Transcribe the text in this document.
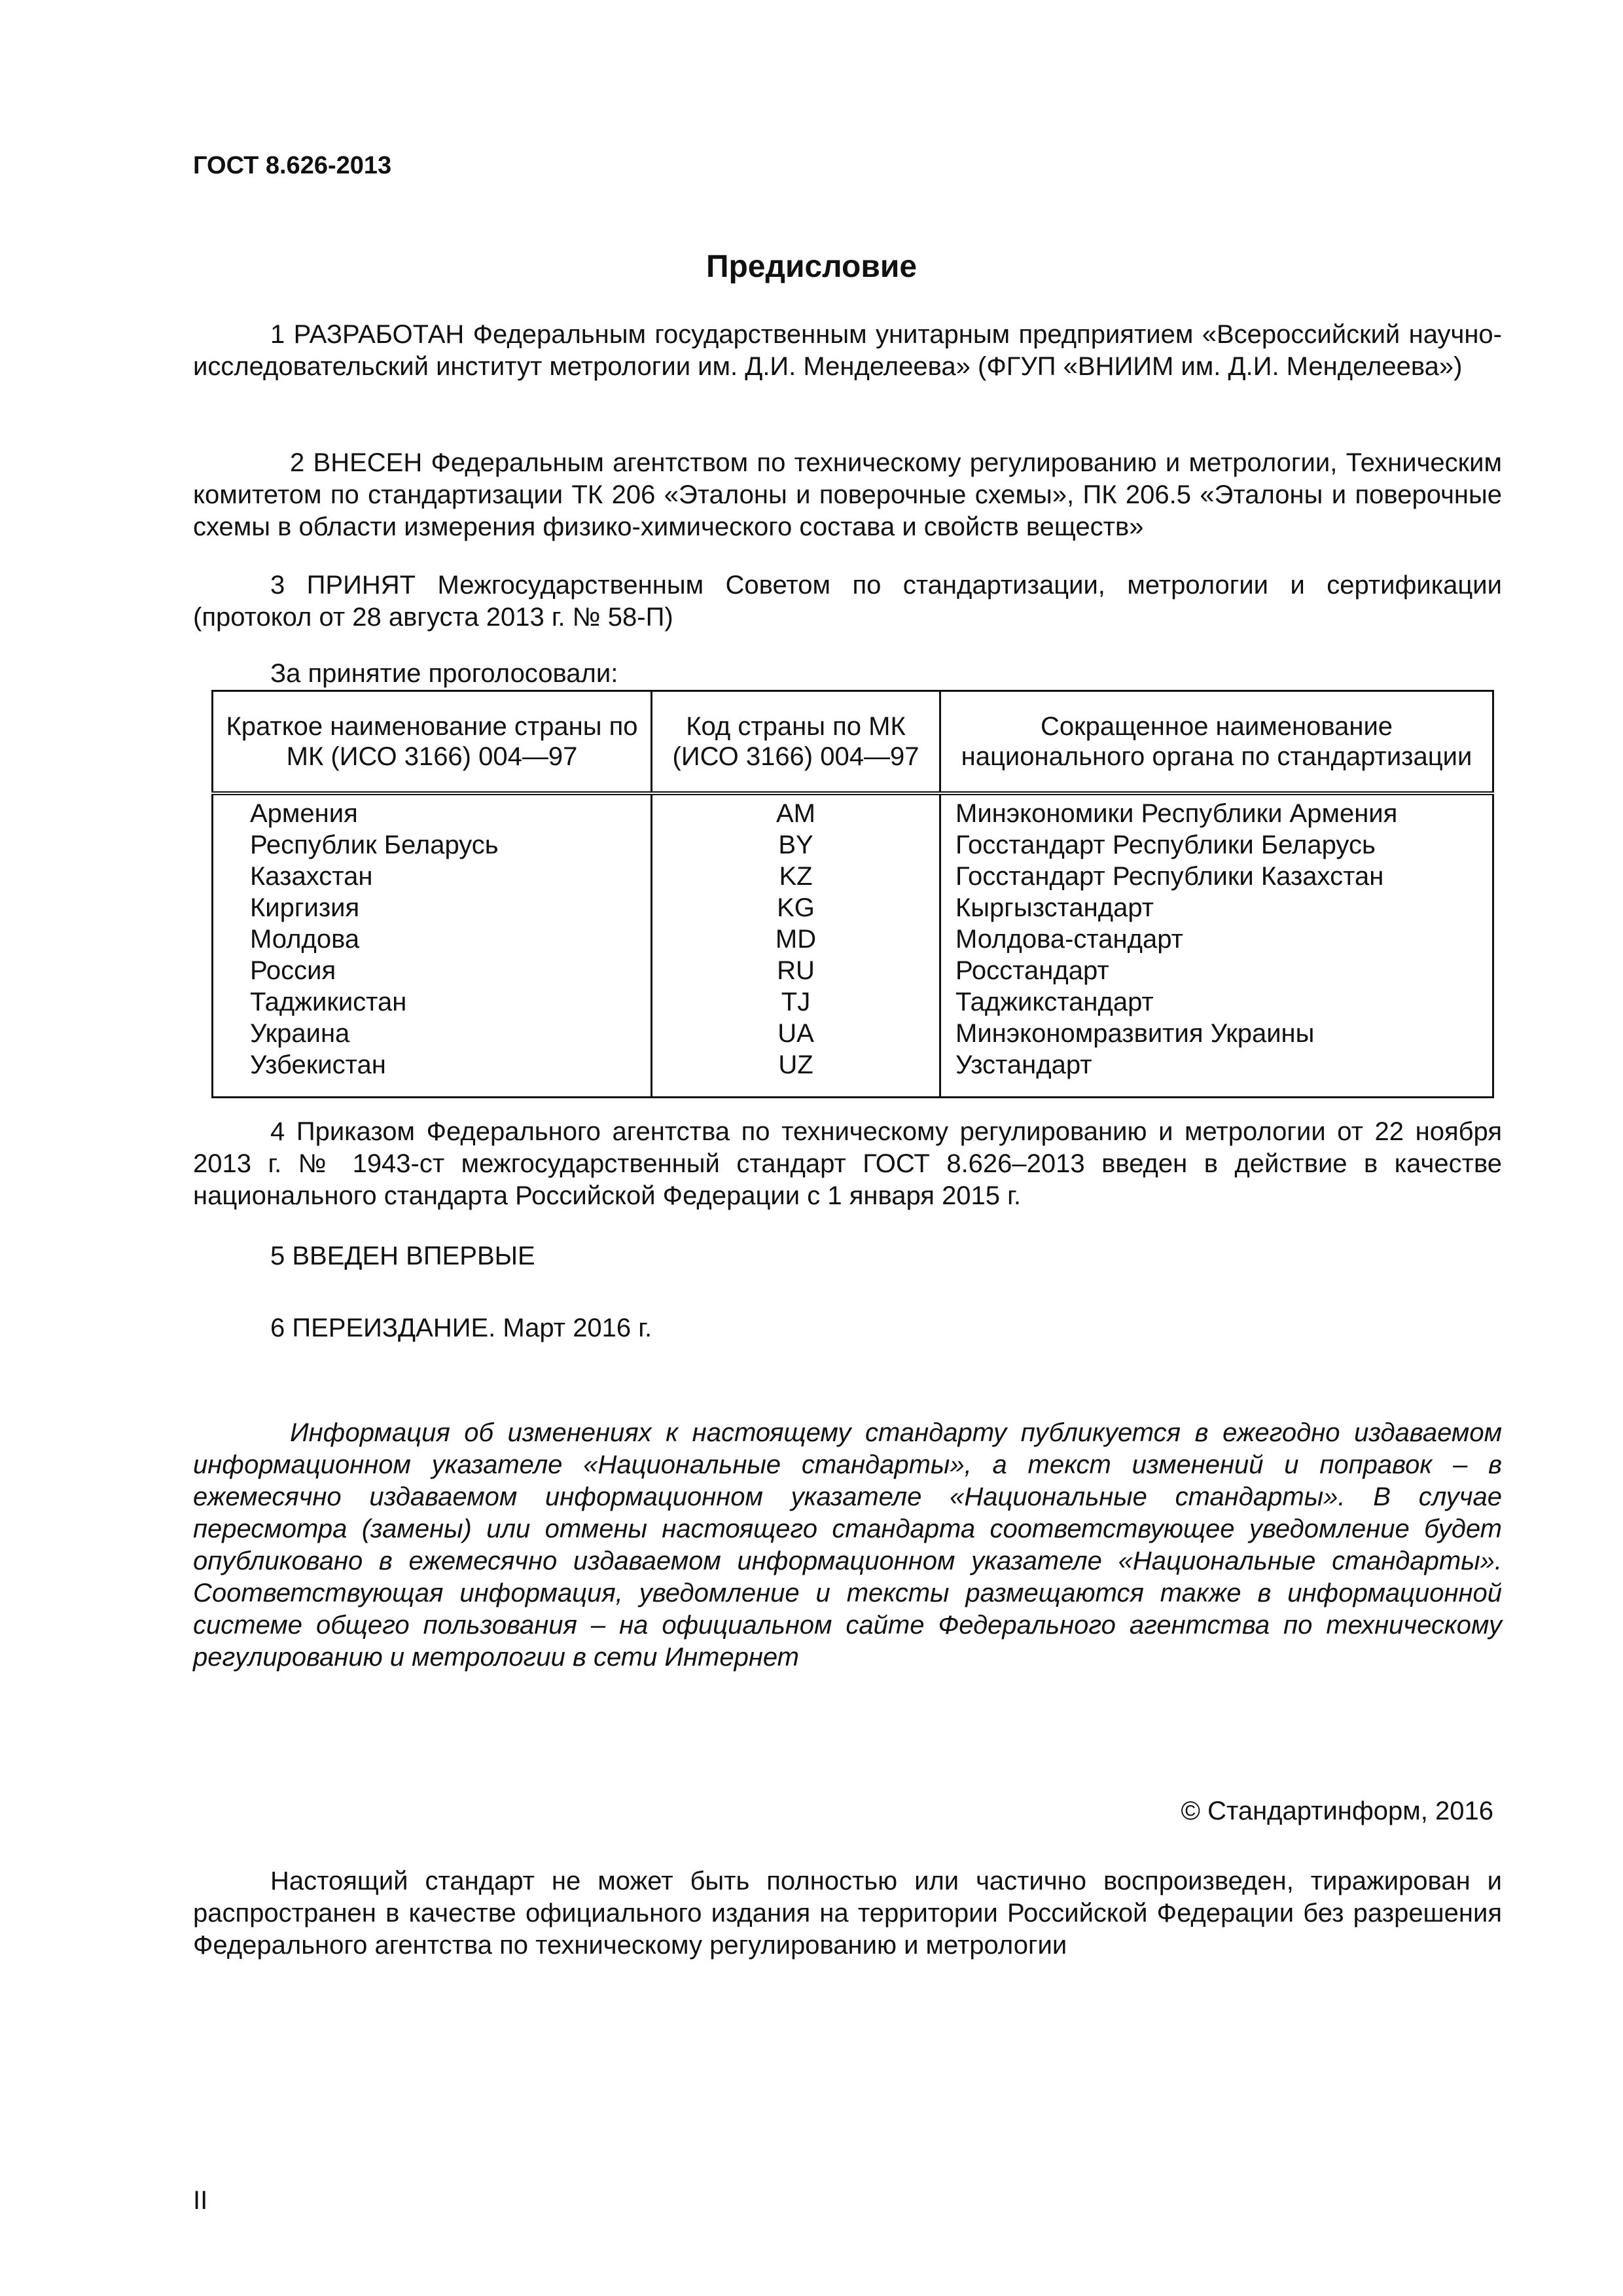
ГОСТ 8.626-2013
Предисловие

1 РАЗРАБОТАН Федеральным государственным унитарным предприятием «Всероссийский научно-исследовательский институт метрологии им. Д.И. Менделеева» (ФГУП «ВНИИМ им. Д.И. Менделеева»)

2 ВНЕСЕН Федеральным агентством по техническому регулированию и метрологии, Техническим комитетом по стандартизации ТК 206 «Эталоны и поверочные схемы», ПК 206.5 «Эталоны и поверочные схемы в области измерения физико-химического состава и свойств веществ»

3 ПРИНЯТ Межгосударственным Советом по стандартизации, метрологии и сертификации (протокол от 28 августа 2013 г. № 58-П)

За принятие проголосовали:
Краткое наименование страны по МК (ИСО 3166) 004—97	Код страны по МК (ИСО 3166) 004—97	Сокращенное наименование национального органа по стандартизации
Армения	AM	Минэкономики Республики Армения
Республик Беларусь	BY	Госстандарт Республики Беларусь
Казахстан	KZ	Госстандарт Республики Казахстан
Киргизия	KG	Кыргызстандарт
Молдова	MD	Молдова-стандарт
Россия	RU	Росстандарт
Таджикистан	TJ	Таджикстандарт
Украина	UA	Минэкономразвития Украины
Узбекистан	UZ	Узстандарт

4 Приказом Федерального агентства по техническому регулированию и метрологии от 22 ноября 2013 г. № 1943-ст межгосударственный стандарт ГОСТ 8.626–2013 введен в действие в качестве национального стандарта Российской Федерации с 1 января 2015 г.

5 ВВЕДЕН ВПЕРВЫЕ

6 ПЕРЕИЗДАНИЕ. Март 2016 г.

Информация об изменениях к настоящему стандарту публикуется в ежегодно издаваемом информационном указателе «Национальные стандарты», а текст изменений и поправок – в ежемесячно издаваемом информационном указателе «Национальные стандарты». В случае пересмотра (замены) или отмены настоящего стандарта соответствующее уведомление будет опубликовано в ежемесячно издаваемом информационном указателе «Национальные стандарты». Соответствующая информация, уведомление и тексты размещаются также в информационной системе общего пользования – на официальном сайте Федерального агентства по техническому регулированию и метрологии в сети Интернет

© Стандартинформ, 2016

Настоящий стандарт не может быть полностью или частично воспроизведен, тиражирован и распространен в качестве официального издания на территории Российской Федерации без разрешения Федерального агентства по техническому регулированию и метрологии

II
